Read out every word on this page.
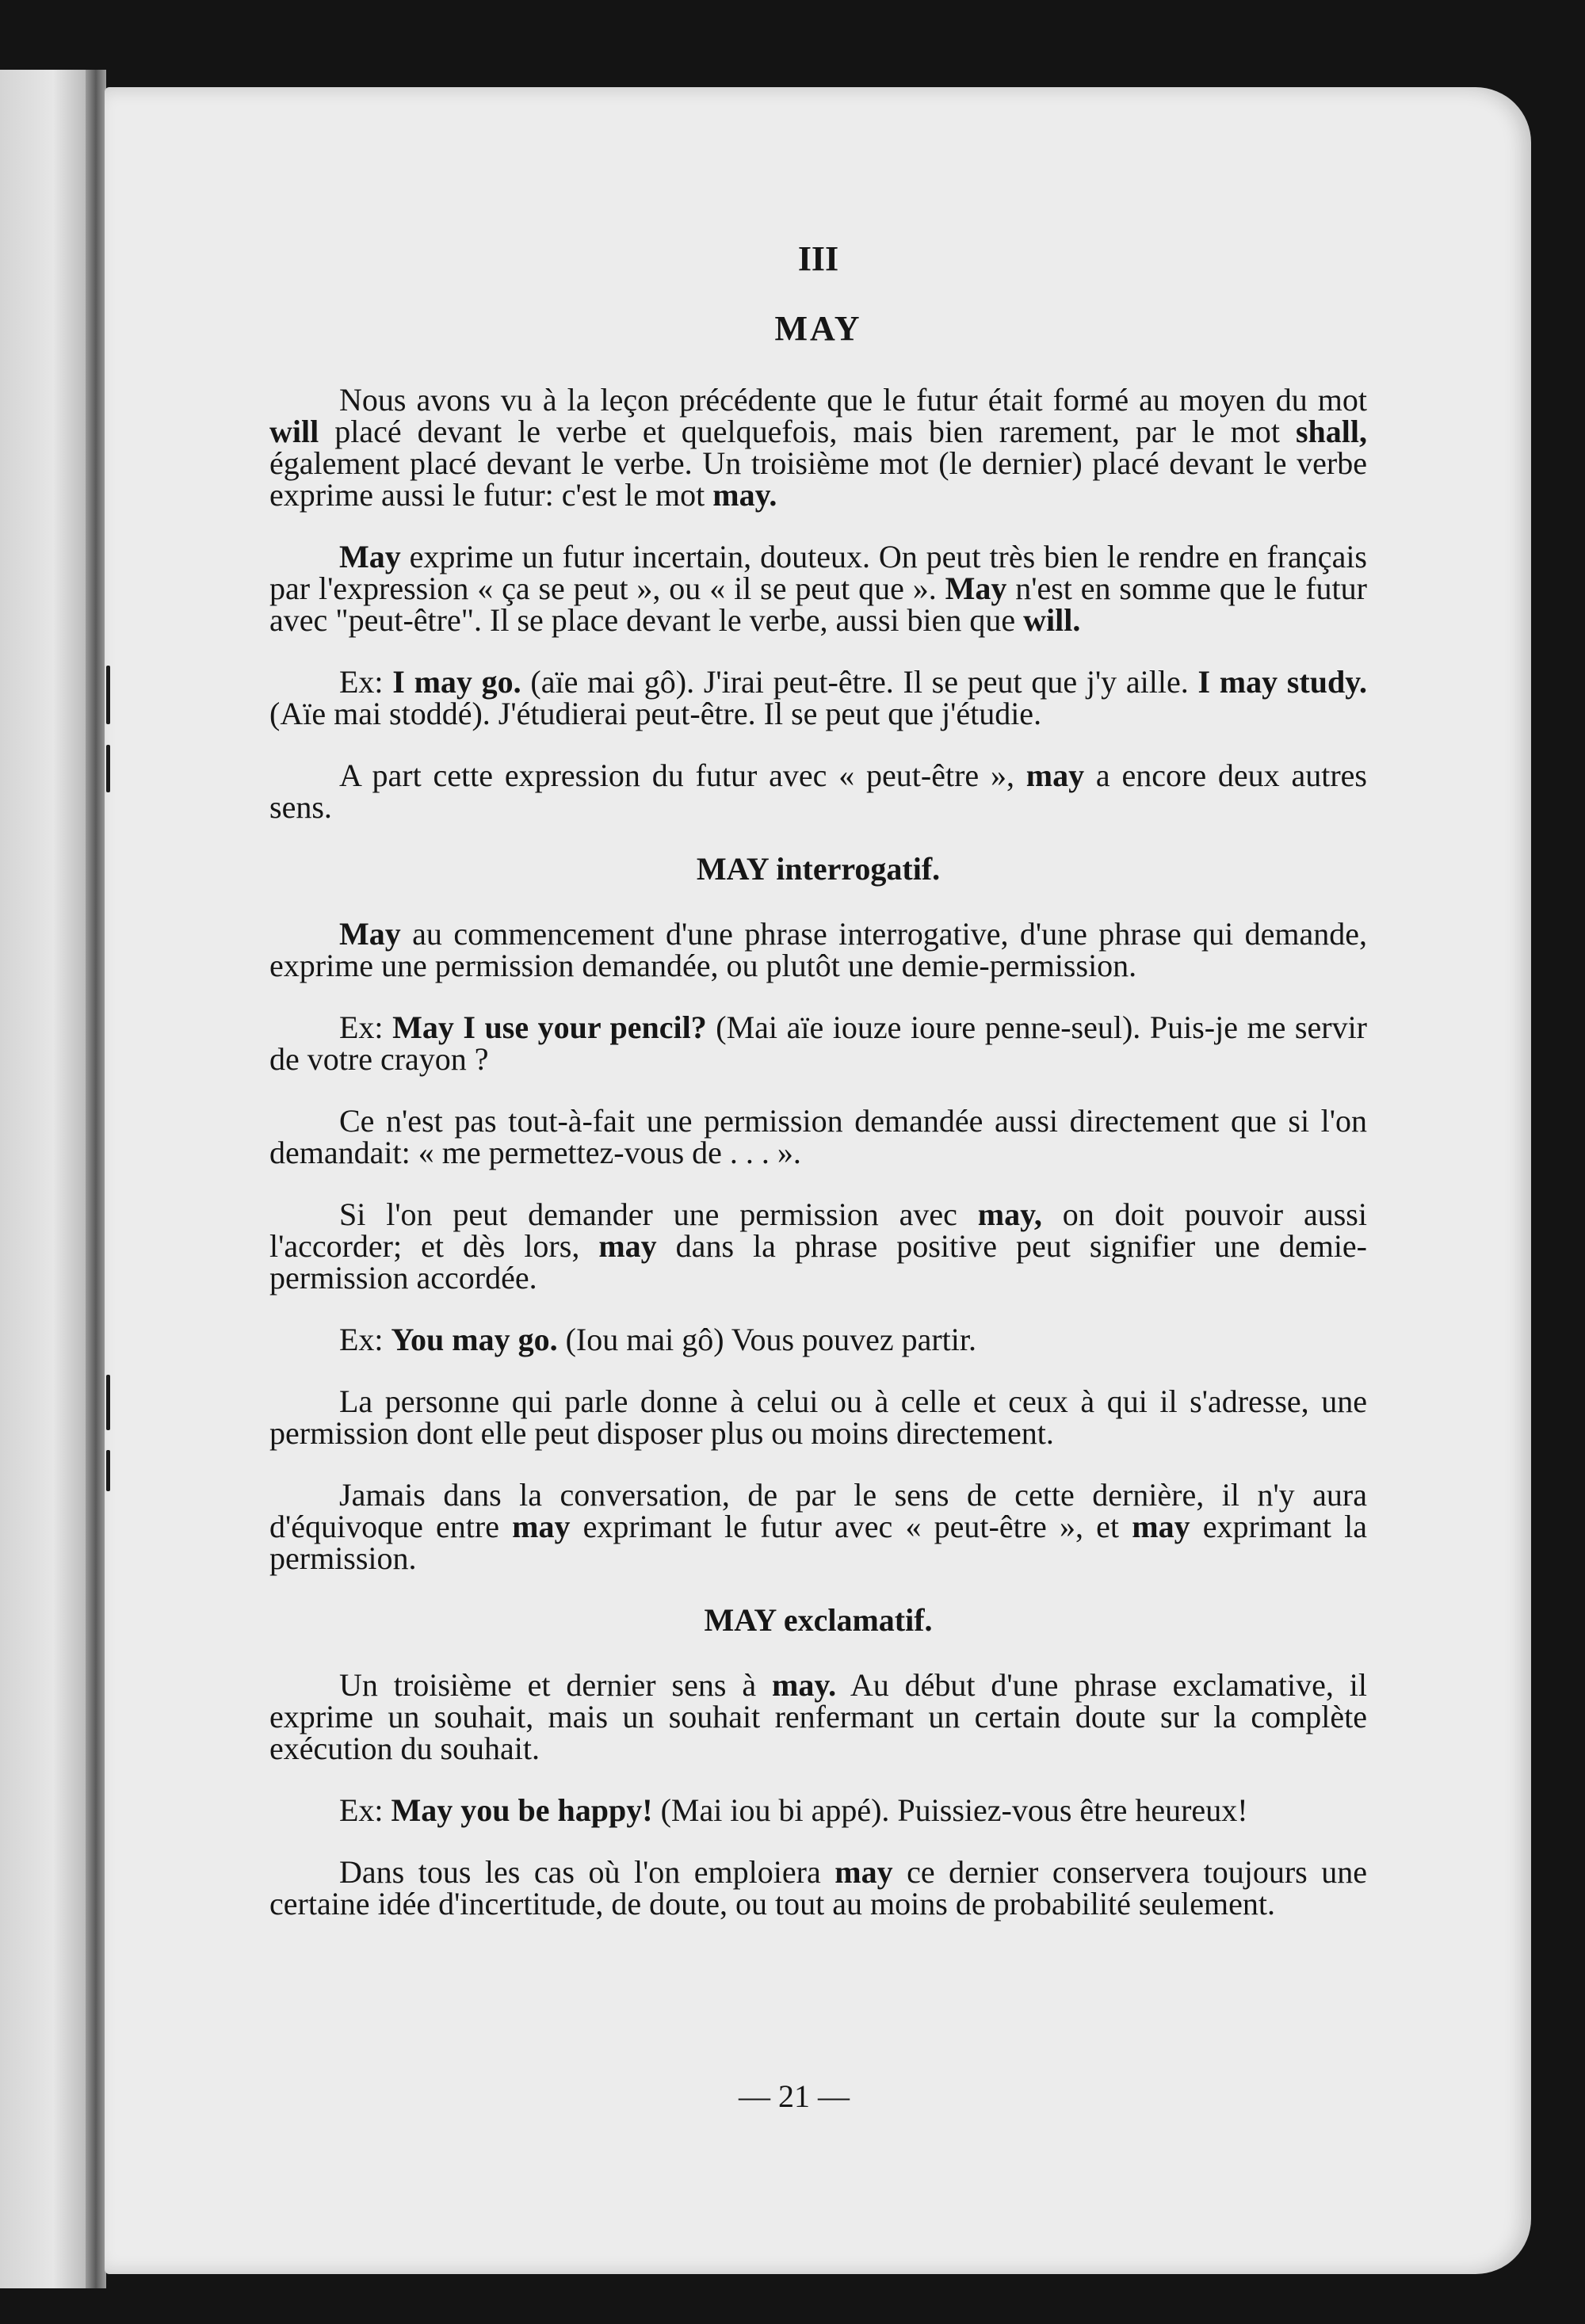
III
MAY

Nous avons vu à la leçon précédente que le futur était formé au moyen du mot will placé devant le verbe et quelquefois, mais bien rarement, par le mot shall, également placé devant le verbe. Un troisième mot (le dernier) placé devant le verbe exprime aussi le futur: c'est le mot may.

May exprime un futur incertain, douteux. On peut très bien le rendre en français par l'expression « ça se peut », ou « il se peut que ». May n'est en somme que le futur avec "peut-être". Il se place devant le verbe, aussi bien que will.

Ex: I may go. (aïe mai gô). J'irai peut-être. Il se peut que j'y aille. I may study. (Aïe mai stoddé). J'étudierai peut-être. Il se peut que j'étudie.

A part cette expression du futur avec « peut-être », may a encore deux autres sens.

MAY interrogatif.

May au commencement d'une phrase interrogative, d'une phrase qui demande, exprime une permission demandée, ou plutôt une demie-permission.

Ex: May I use your pencil? (Mai aïe iouze ioure penne-seul). Puis-je me servir de votre crayon ?

Ce n'est pas tout-à-fait une permission demandée aussi directement que si l'on demandait: « me permettez-vous de . . . ».

Si l'on peut demander une permission avec may, on doit pouvoir aussi l'accorder; et dès lors, may dans la phrase positive peut signifier une demie-permission accordée.

Ex: You may go. (Iou mai gô) Vous pouvez partir.

La personne qui parle donne à celui ou à celle et ceux à qui il s'adresse, une permission dont elle peut disposer plus ou moins directement.

Jamais dans la conversation, de par le sens de cette dernière, il n'y aura d'équivoque entre may exprimant le futur avec « peut-être », et may exprimant la permission.

MAY exclamatif.

Un troisième et dernier sens à may. Au début d'une phrase exclamative, il exprime un souhait, mais un souhait renfermant un certain doute sur la complète exécution du souhait.

Ex: May you be happy! (Mai iou bi appé). Puissiez-vous être heureux!

Dans tous les cas où l'on emploiera may ce dernier conservera toujours une certaine idée d'incertitude, de doute, ou tout au moins de probabilité seulement.

— 21 —
